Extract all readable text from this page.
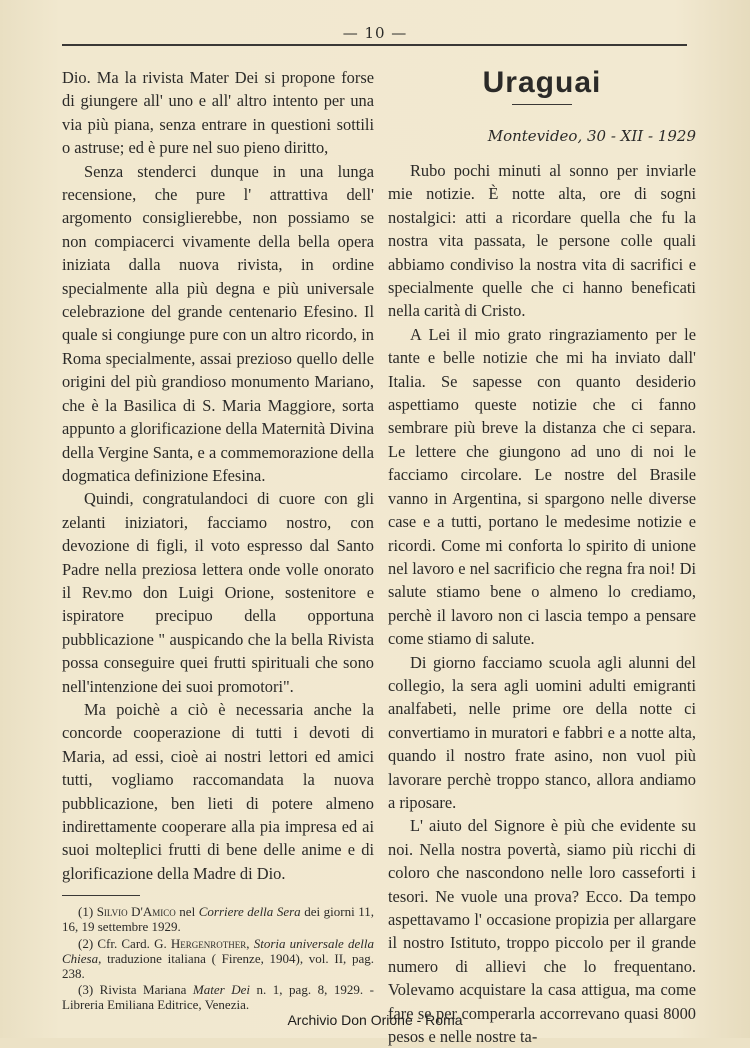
— 10 —

Dio. Ma la rivista Mater Dei si propone forse di giungere all' uno e all' altro intento per una via più piana, senza entrare in questioni sottili o astruse; ed è pure nel suo pieno diritto,

Senza stenderci dunque in una lunga recensione, che pure l' attrattiva dell' argomento consiglierebbe, non possiamo se non compiacerci vivamente della bella opera iniziata dalla nuova rivista, in ordine specialmente alla più degna e più universale celebrazione del grande centenario Efesino. Il quale si congiunge pure con un altro ricordo, in Roma specialmente, assai prezioso quello delle origini del più grandioso monumento Mariano, che è la Basilica di S. Maria Maggiore, sorta appunto a glorificazione della Maternità Divina della Vergine Santa, e a commemorazione della dogmatica definizione Efesina.

Quindi, congratulandoci di cuore con gli zelanti iniziatori, facciamo nostro, con devozione di figli, il voto espresso dal Santo Padre nella preziosa lettera onde volle onorato il Rev.mo don Luigi Orione, sostenitore e ispiratore precipuo della opportuna pubblicazione " auspicando che la bella Rivista possa conseguire quei frutti spirituali che sono nell'intenzione dei suoi promotori".

Ma poichè a ciò è necessaria anche la concorde cooperazione di tutti i devoti di Maria, ad essi, cioè ai nostri lettori ed amici tutti, vogliamo raccomandata la nuova pubblicazione, ben lieti di potere almeno indirettamente cooperare alla pia impresa ed ai suoi molteplici frutti di bene delle anime e di glorificazione della Madre di Dio.

(1) Silvio D'Amico nel Corriere della Sera dei giorni 11, 16, 19 settembre 1929.

(2) Cfr. Card. G. Hergenrother, Storia universale della Chiesa, traduzione italiana ( Firenze, 1904), vol. II, pag. 238.

(3) Rivista Mariana Mater Dei n. 1, pag. 8, 1929. - Libreria Emiliana Editrice, Venezia.

Uraguai
Montevideo, 30 - XII - 1929

Rubo pochi minuti al sonno per inviarle mie notizie. È notte alta, ore di sogni nostalgici: atti a ricordare quella che fu la nostra vita passata, le persone colle quali abbiamo condiviso la nostra vita di sacrifici e specialmente quelle che ci hanno beneficati nella carità di Cristo.

A Lei il mio grato ringraziamento per le tante e belle notizie che mi ha inviato dall' Italia. Se sapesse con quanto desiderio aspettiamo queste notizie che ci fanno sembrare più breve la distanza che ci separa. Le lettere che giungono ad uno di noi le facciamo circolare. Le nostre del Brasile vanno in Argentina, si spargono nelle diverse case e a tutti, portano le medesime notizie e ricordi. Come mi conforta lo spirito di unione nel lavoro e nel sacrificio che regna fra noi! Di salute stiamo bene o almeno lo crediamo, perchè il lavoro non ci lascia tempo a pensare come stiamo di salute.

Di giorno facciamo scuola agli alunni del collegio, la sera agli uomini adulti emigranti analfabeti, nelle prime ore della notte ci convertiamo in muratori e fabbri e a notte alta, quando il nostro frate asino, non vuol più lavorare perchè troppo stanco, allora andiamo a riposare.

L' aiuto del Signore è più che evidente su noi. Nella nostra povertà, siamo più ricchi di coloro che nascondono nelle loro casseforti i tesori. Ne vuole una prova? Ecco. Da tempo aspettavamo l' occasione propizia per allargare il nostro Istituto, troppo piccolo per il grande numero di allievi che lo frequentano. Volevamo acquistare la casa attigua, ma come fare se per comperarla accorrevano quasi 8000 pesos e nelle nostre ta-

Archivio Don Orione - Roma
